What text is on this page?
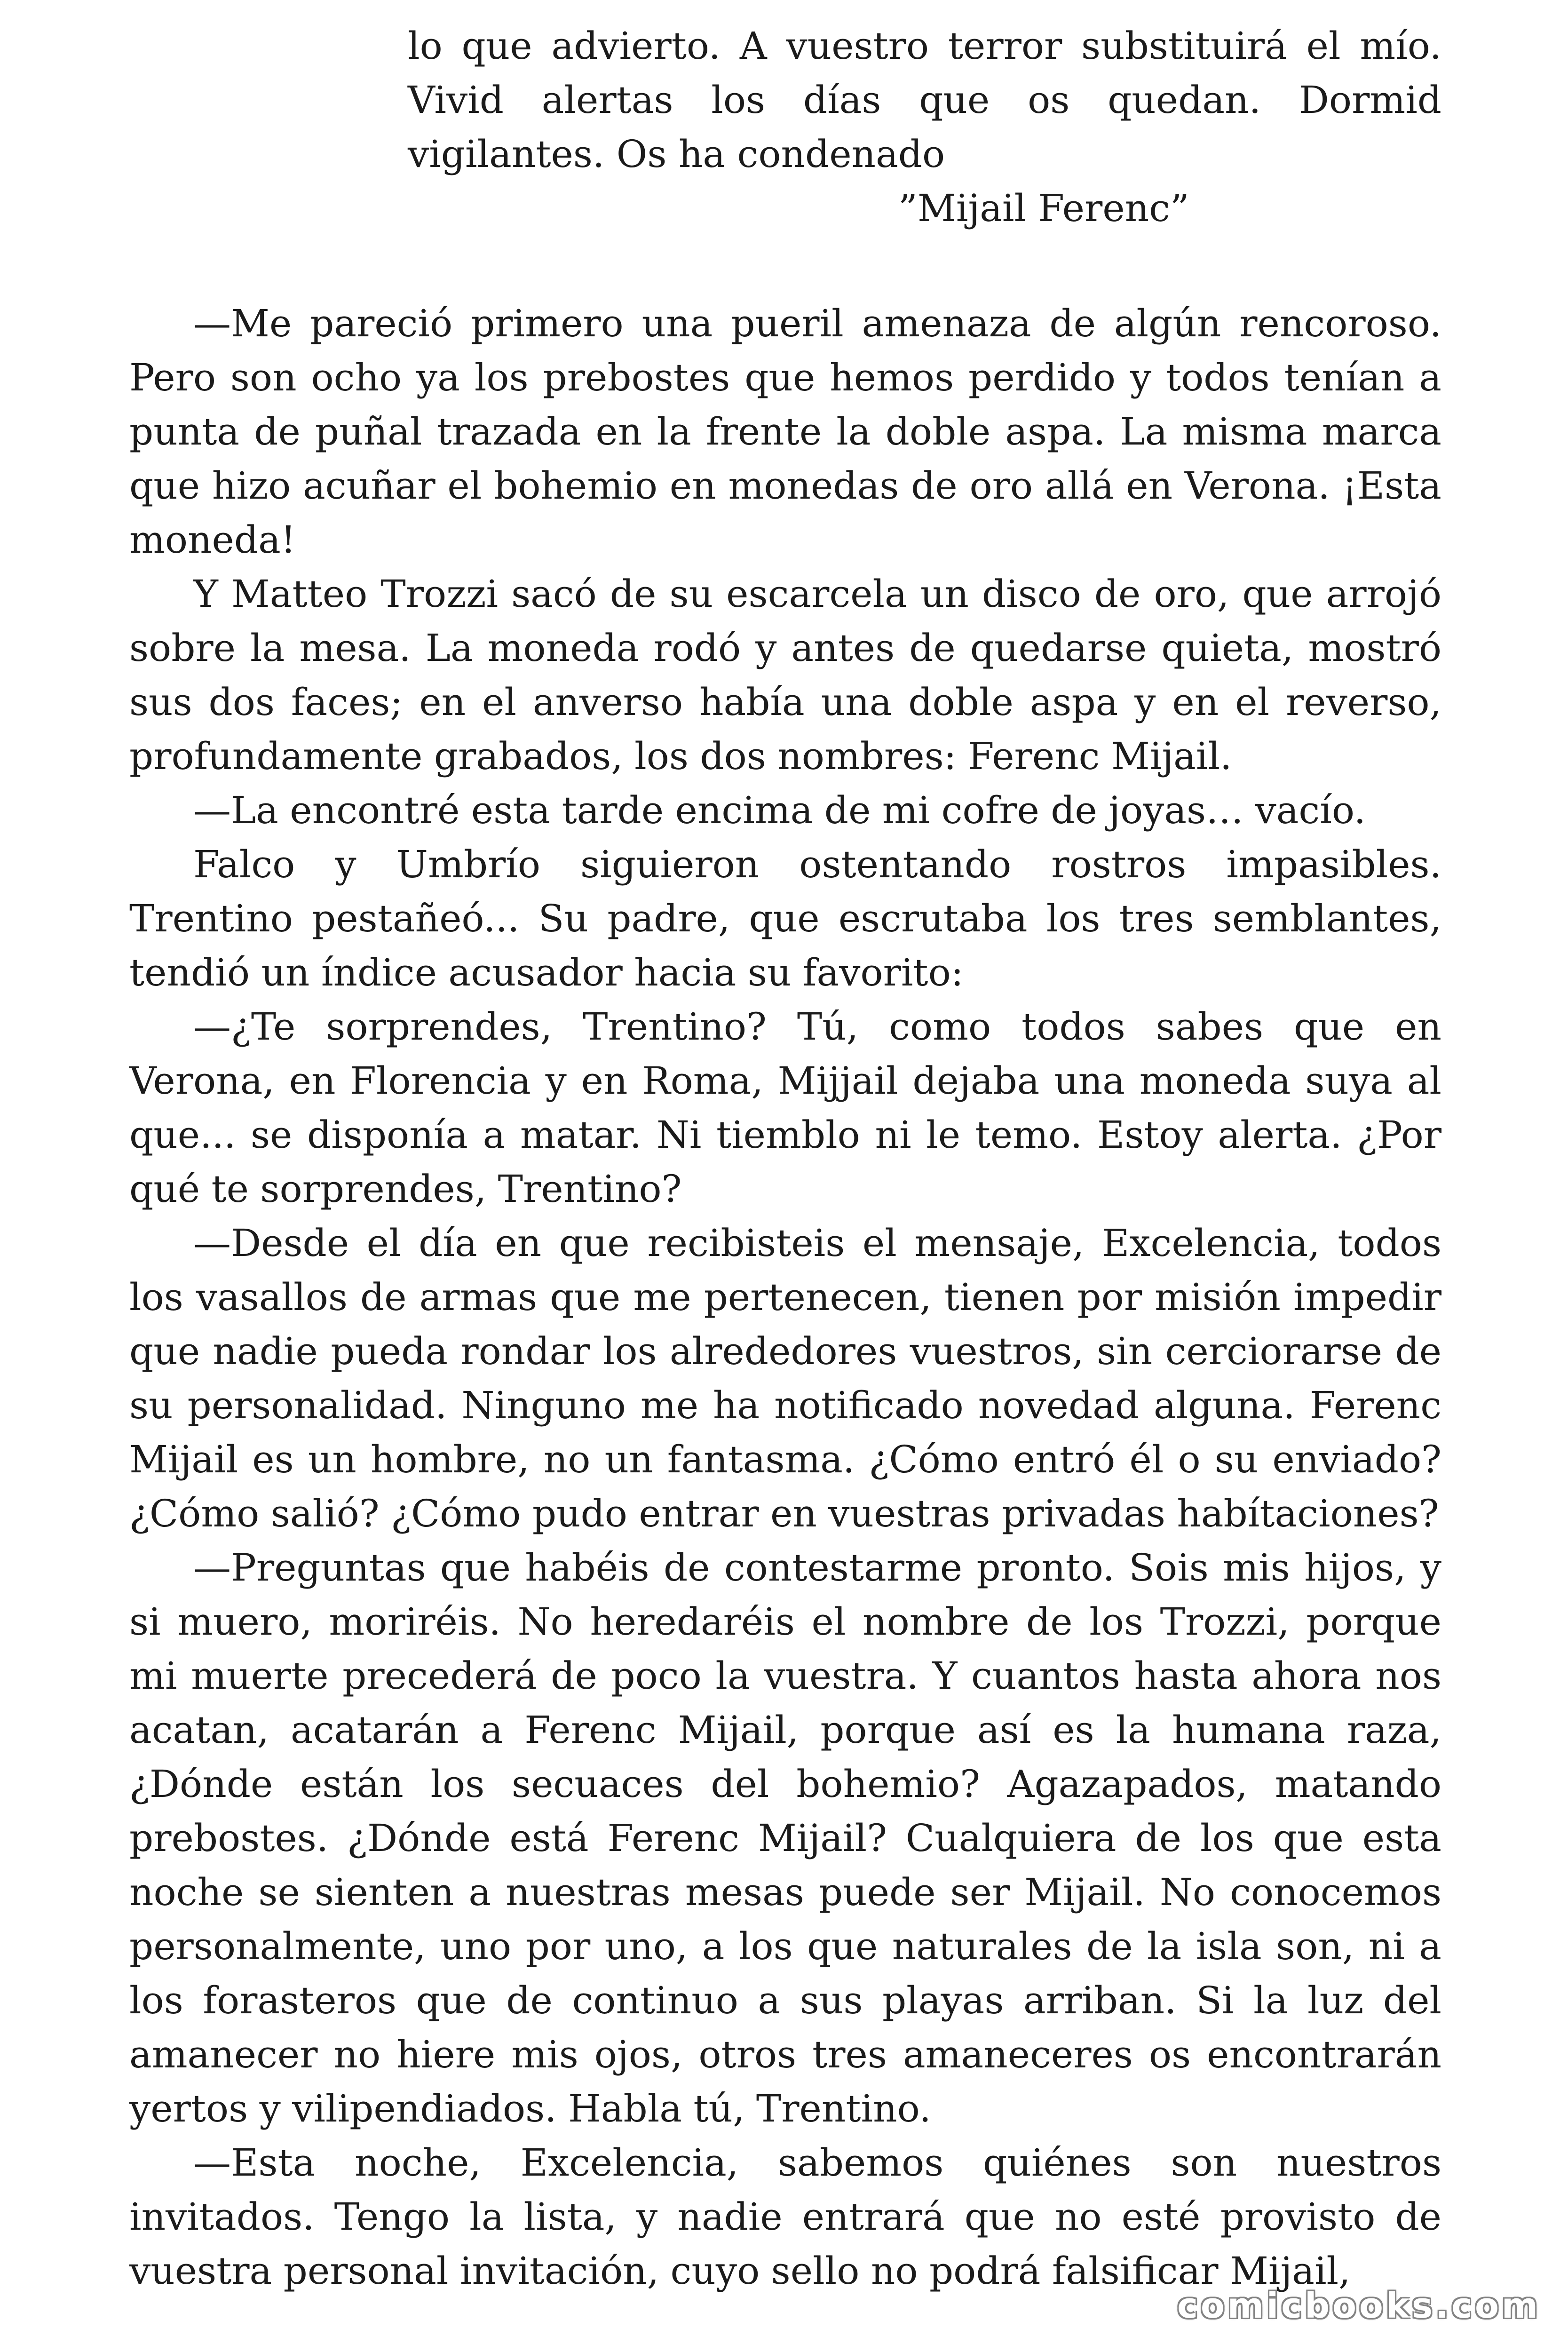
lo que advierto. A vuestro terror substituirá el mío. Vivid alertas los días que os quedan. Dormid vigilantes. Os ha condenado
”Mijail Ferenc”

—Me pareció primero una pueril amenaza de algún rencoroso. Pero son ocho ya los prebostes que hemos perdido y todos tenían a punta de puñal trazada en la frente la doble aspa. La misma marca que hizo acuñar el bohemio en monedas de oro allá en Verona. ¡Esta moneda!

Y Matteo Trozzi sacó de su escarcela un disco de oro, que arrojó sobre la mesa. La moneda rodó y antes de quedarse quieta, mostró sus dos faces; en el anverso había una doble aspa y en el reverso, profundamente grabados, los dos nombres: Ferenc Mijail.

—La encontré esta tarde encima de mi cofre de joyas… vacío.

Falco y Umbrío siguieron ostentando rostros impasibles. Trentino pestañeó... Su padre, que escrutaba los tres semblantes, tendió un índice acusador hacia su favorito:

—¿Te sorprendes, Trentino? Tú, como todos sabes que en Verona, en Florencia y en Roma, Mijjail dejaba una moneda suya al que... se disponía a matar. Ni tiemblo ni le temo. Estoy alerta. ¿Por qué te sorprendes, Trentino?

—Desde el día en que recibisteis el mensaje, Excelencia, todos los vasallos de armas que me pertenecen, tienen por misión impedir que nadie pueda rondar los alrededores vuestros, sin cerciorarse de su personalidad. Ninguno me ha notificado novedad alguna. Ferenc Mijail es un hombre, no un fantasma. ¿Cómo entró él o su enviado? ¿Cómo salió? ¿Cómo pudo entrar en vuestras privadas habítaciones?

—Preguntas que habéis de contestarme pronto. Sois mis hijos, y si muero, moriréis. No heredaréis el nombre de los Trozzi, porque mi muerte precederá de poco la vuestra. Y cuantos hasta ahora nos acatan, acatarán a Ferenc Mijail, porque así es la humana raza, ¿Dónde están los secuaces del bohemio? Agazapados, matando prebostes. ¿Dónde está Ferenc Mijail? Cualquiera de los que esta noche se sienten a nuestras mesas puede ser Mijail. No conocemos personalmente, uno por uno, a los que naturales de la isla son, ni a los forasteros que de continuo a sus playas arriban. Si la luz del amanecer no hiere mis ojos, otros tres amaneceres os encontrarán yertos y vilipendiados. Habla tú, Trentino.

—Esta noche, Excelencia, sabemos quiénes son nuestros invitados. Tengo la lista, y nadie entrará que no esté provisto de vuestra personal invitación, cuyo sello no podrá falsificar Mijail,

comicbooks.com
